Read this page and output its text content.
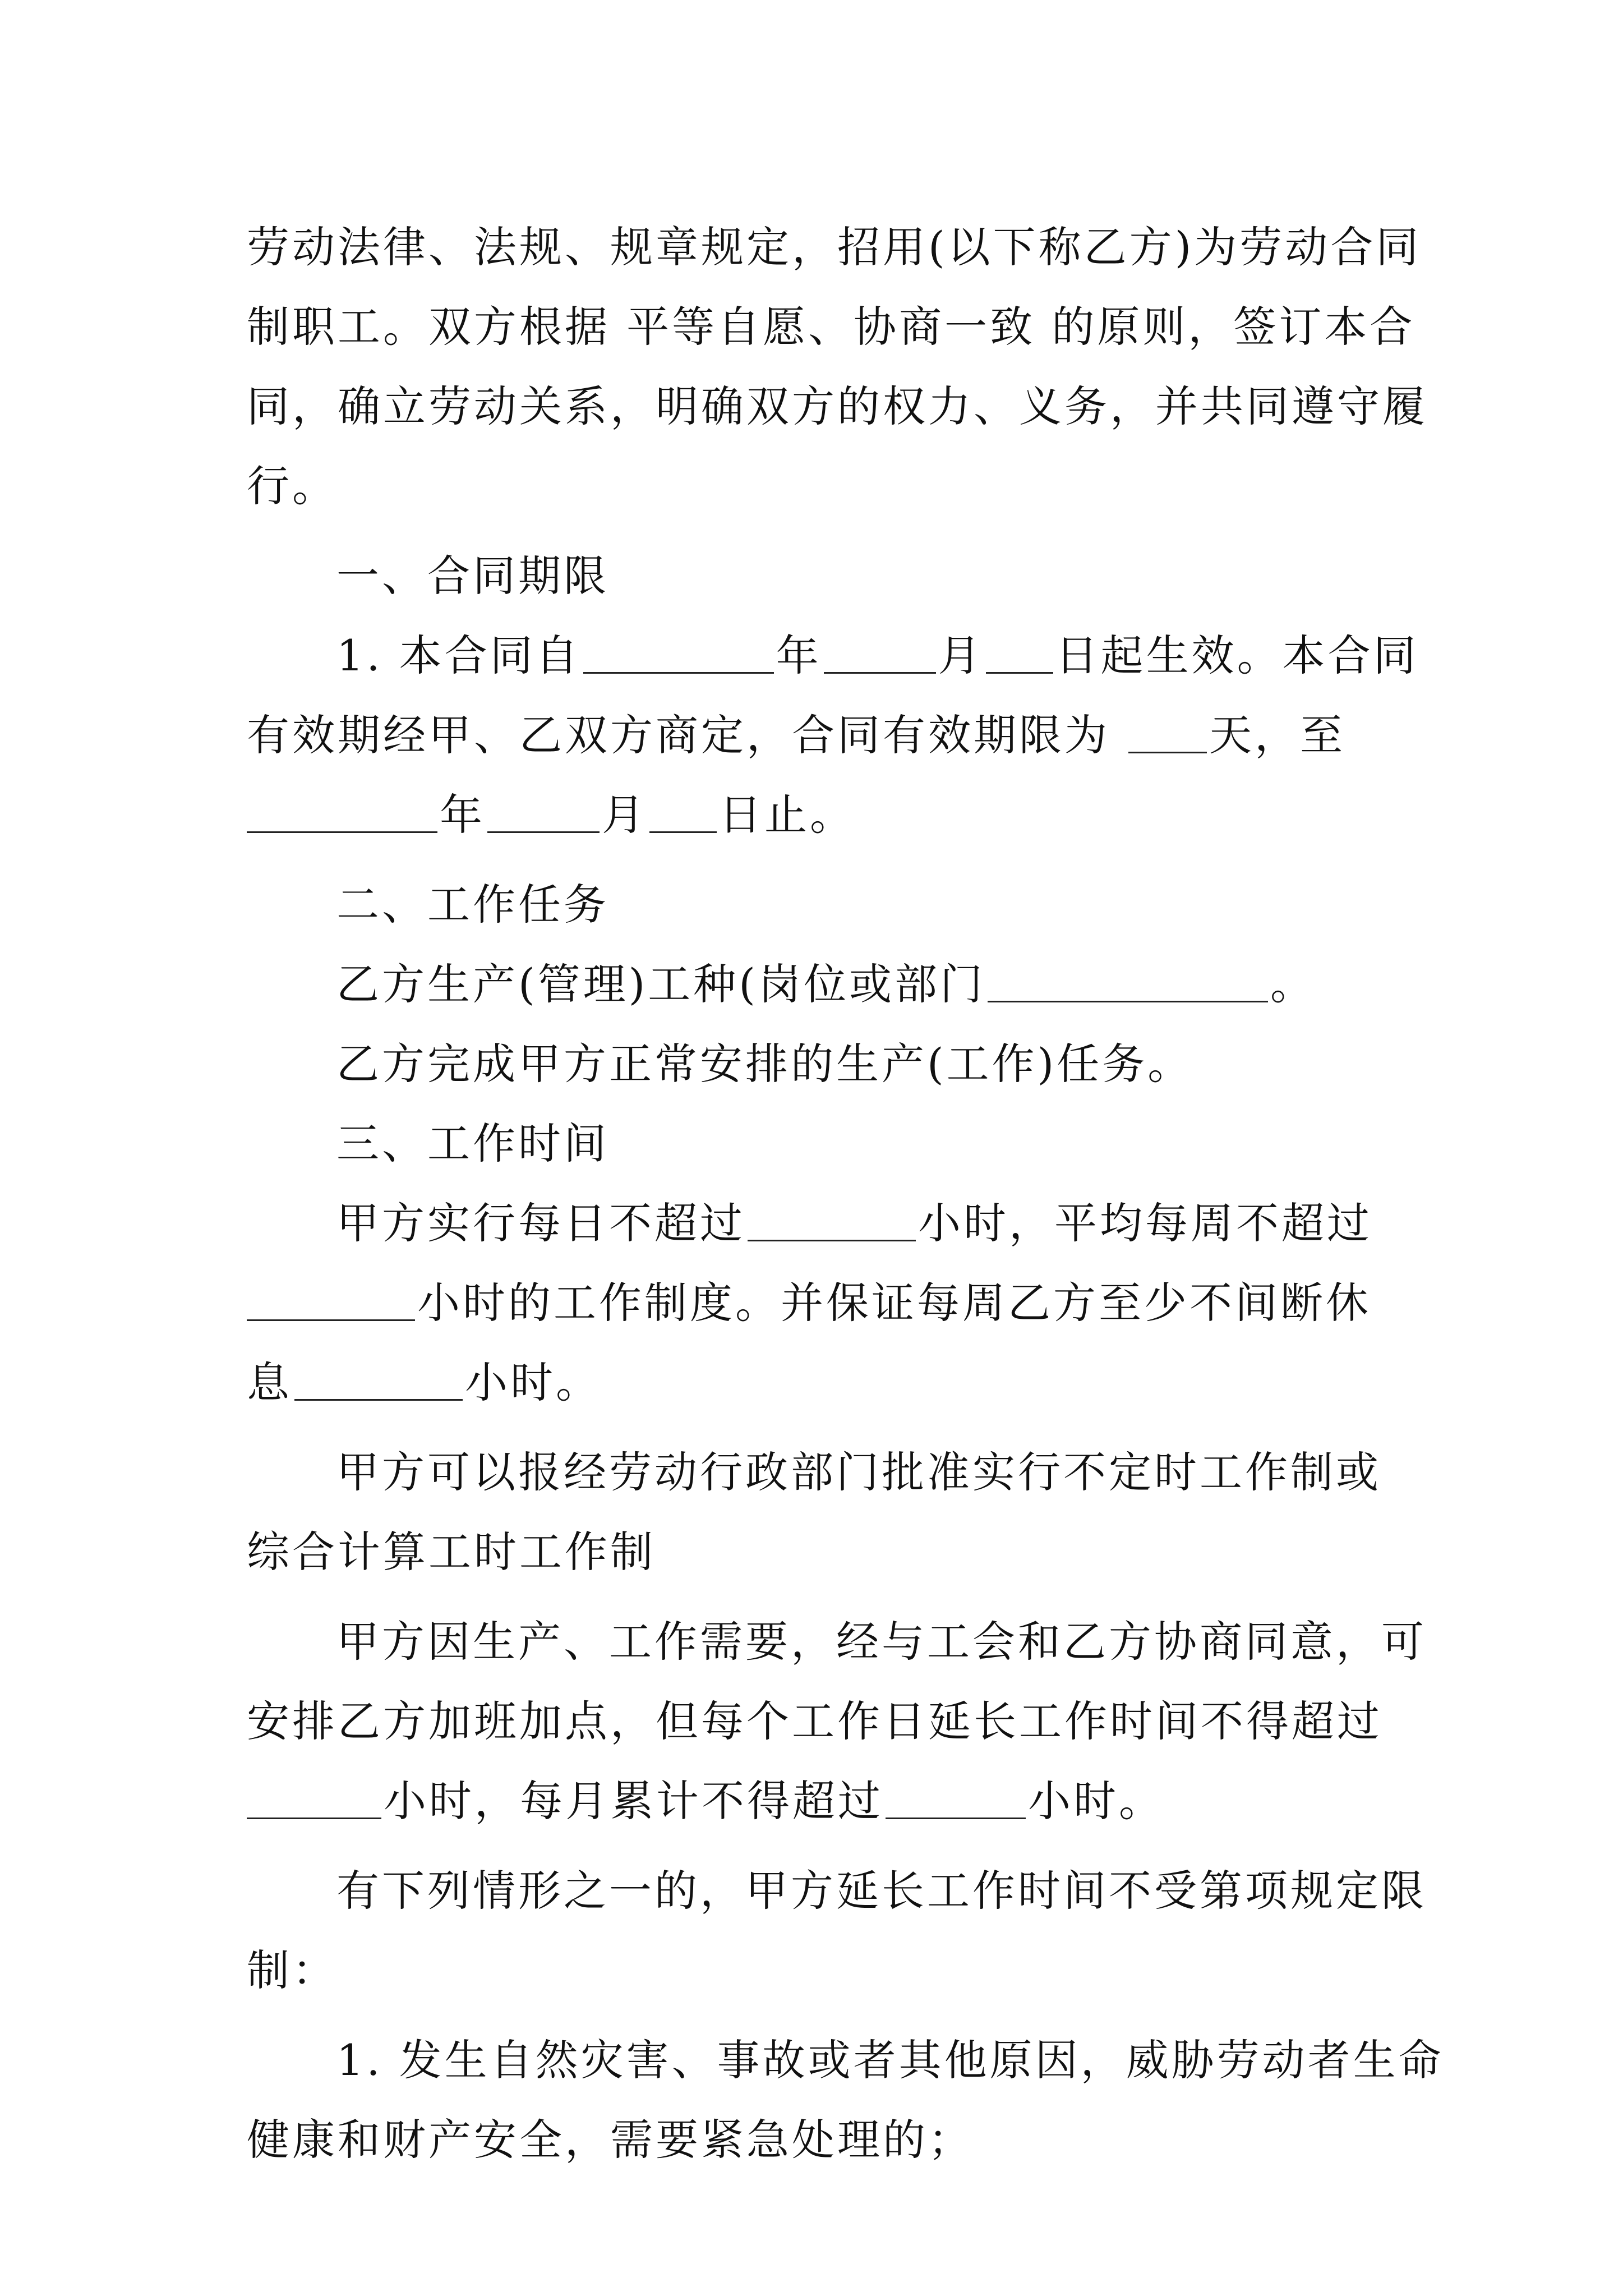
劳动法律、法规、规章规定，招用(以下称乙方)为劳动合同
制职工。双方根据 平等自愿、协商一致 的原则，签订本合
同，确立劳动关系，明确双方的权力、义务，并共同遵守履
行。
一、合同期限
1. 本合同自	年	月 日起生效。本合同
有效期经甲、乙双方商定，合同有效期限为 天，至
年	月 日止。
二、工作任务
乙方生产(管理)工种(岗位或部门	。
乙方完成甲方正常安排的生产(工作)任务。
三、工作时间
甲方实行每日不超过	小时，平均每周不超过
小时的工作制度。并保证每周乙方至少不间断休
息	小时。
甲方可以报经劳动行政部门批准实行不定时工作制或
综合计算工时工作制
甲方因生产、工作需要，经与工会和乙方协商同意，可
安排乙方加班加点，但每个工作日延长工作时间不得超过
小时，每月累计不得超过	小时。
有下列情形之一的，甲方延长工作时间不受第项规定限
制：
1. 发生自然灾害、事故或者其他原因，威胁劳动者生命
健康和财产安全，需要紧急处理的；
